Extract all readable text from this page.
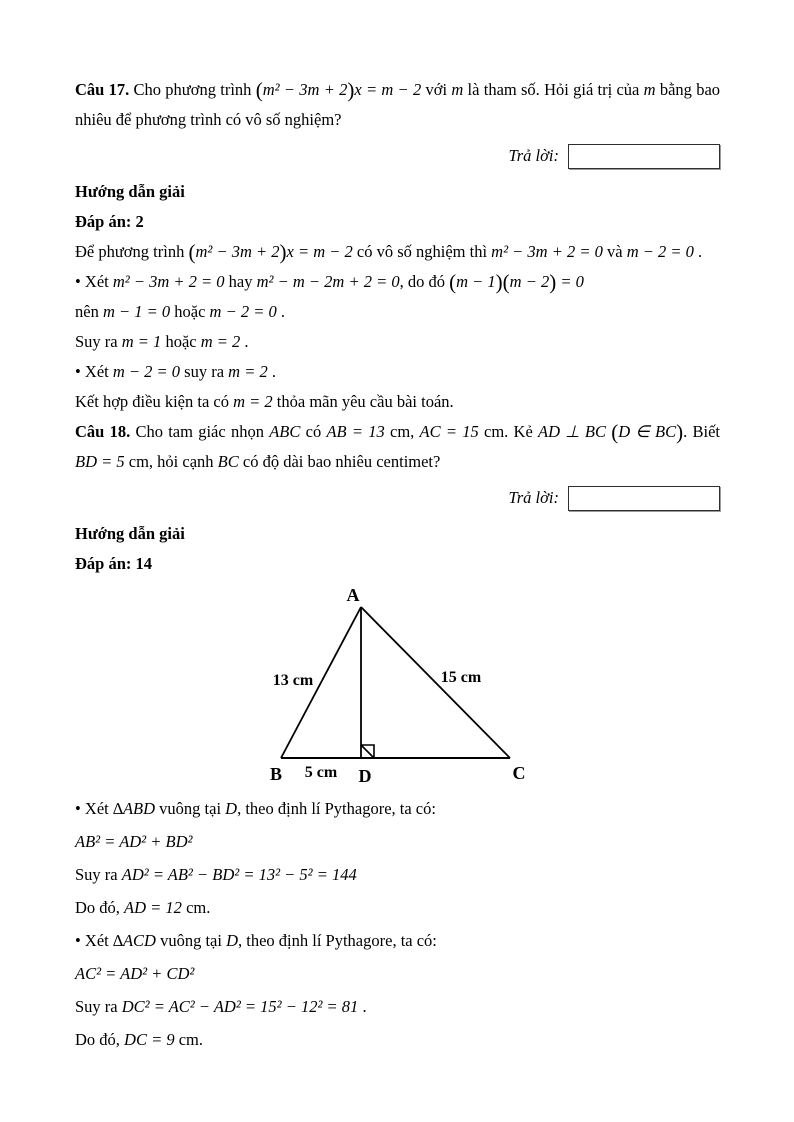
Câu 17. Cho phương trình (m² − 3m + 2)x = m − 2 với m là tham số. Hỏi giá trị của m bằng bao nhiêu để phương trình có vô số nghiệm?

Trả lời:

Hướng dẫn giải

Đáp án: 2

Để phương trình (m² − 3m + 2)x = m − 2 có vô số nghiệm thì m² − 3m + 2 = 0 và m − 2 = 0 .

• Xét m² − 3m + 2 = 0 hay m² − m − 2m + 2 = 0, do đó (m − 1)(m − 2) = 0

nên m − 1 = 0 hoặc m − 2 = 0 .

Suy ra m = 1 hoặc m = 2 .

• Xét m − 2 = 0 suy ra m = 2 .

Kết hợp điều kiện ta có m = 2 thỏa mãn yêu cầu bài toán.

Câu 18. Cho tam giác nhọn ABC có AB = 13 cm, AC = 15 cm. Kẻ AD ⊥ BC (D ∈ BC). Biết BD = 5 cm, hỏi cạnh BC có độ dài bao nhiêu centimet?

Trả lời:

Hướng dẫn giải

Đáp án: 14

A
B	D	C
13 cm	15 cm
5 cm

• Xét ∆ABD vuông tại D, theo định lí Pythagore, ta có:

AB² = AD² + BD²

Suy ra AD² = AB² − BD² = 13² − 5² = 144

Do đó, AD = 12 cm.

• Xét ∆ACD vuông tại D, theo định lí Pythagore, ta có:

AC² = AD² + CD²

Suy ra DC² = AC² − AD² = 15² − 12² = 81 .

Do đó, DC = 9 cm.
